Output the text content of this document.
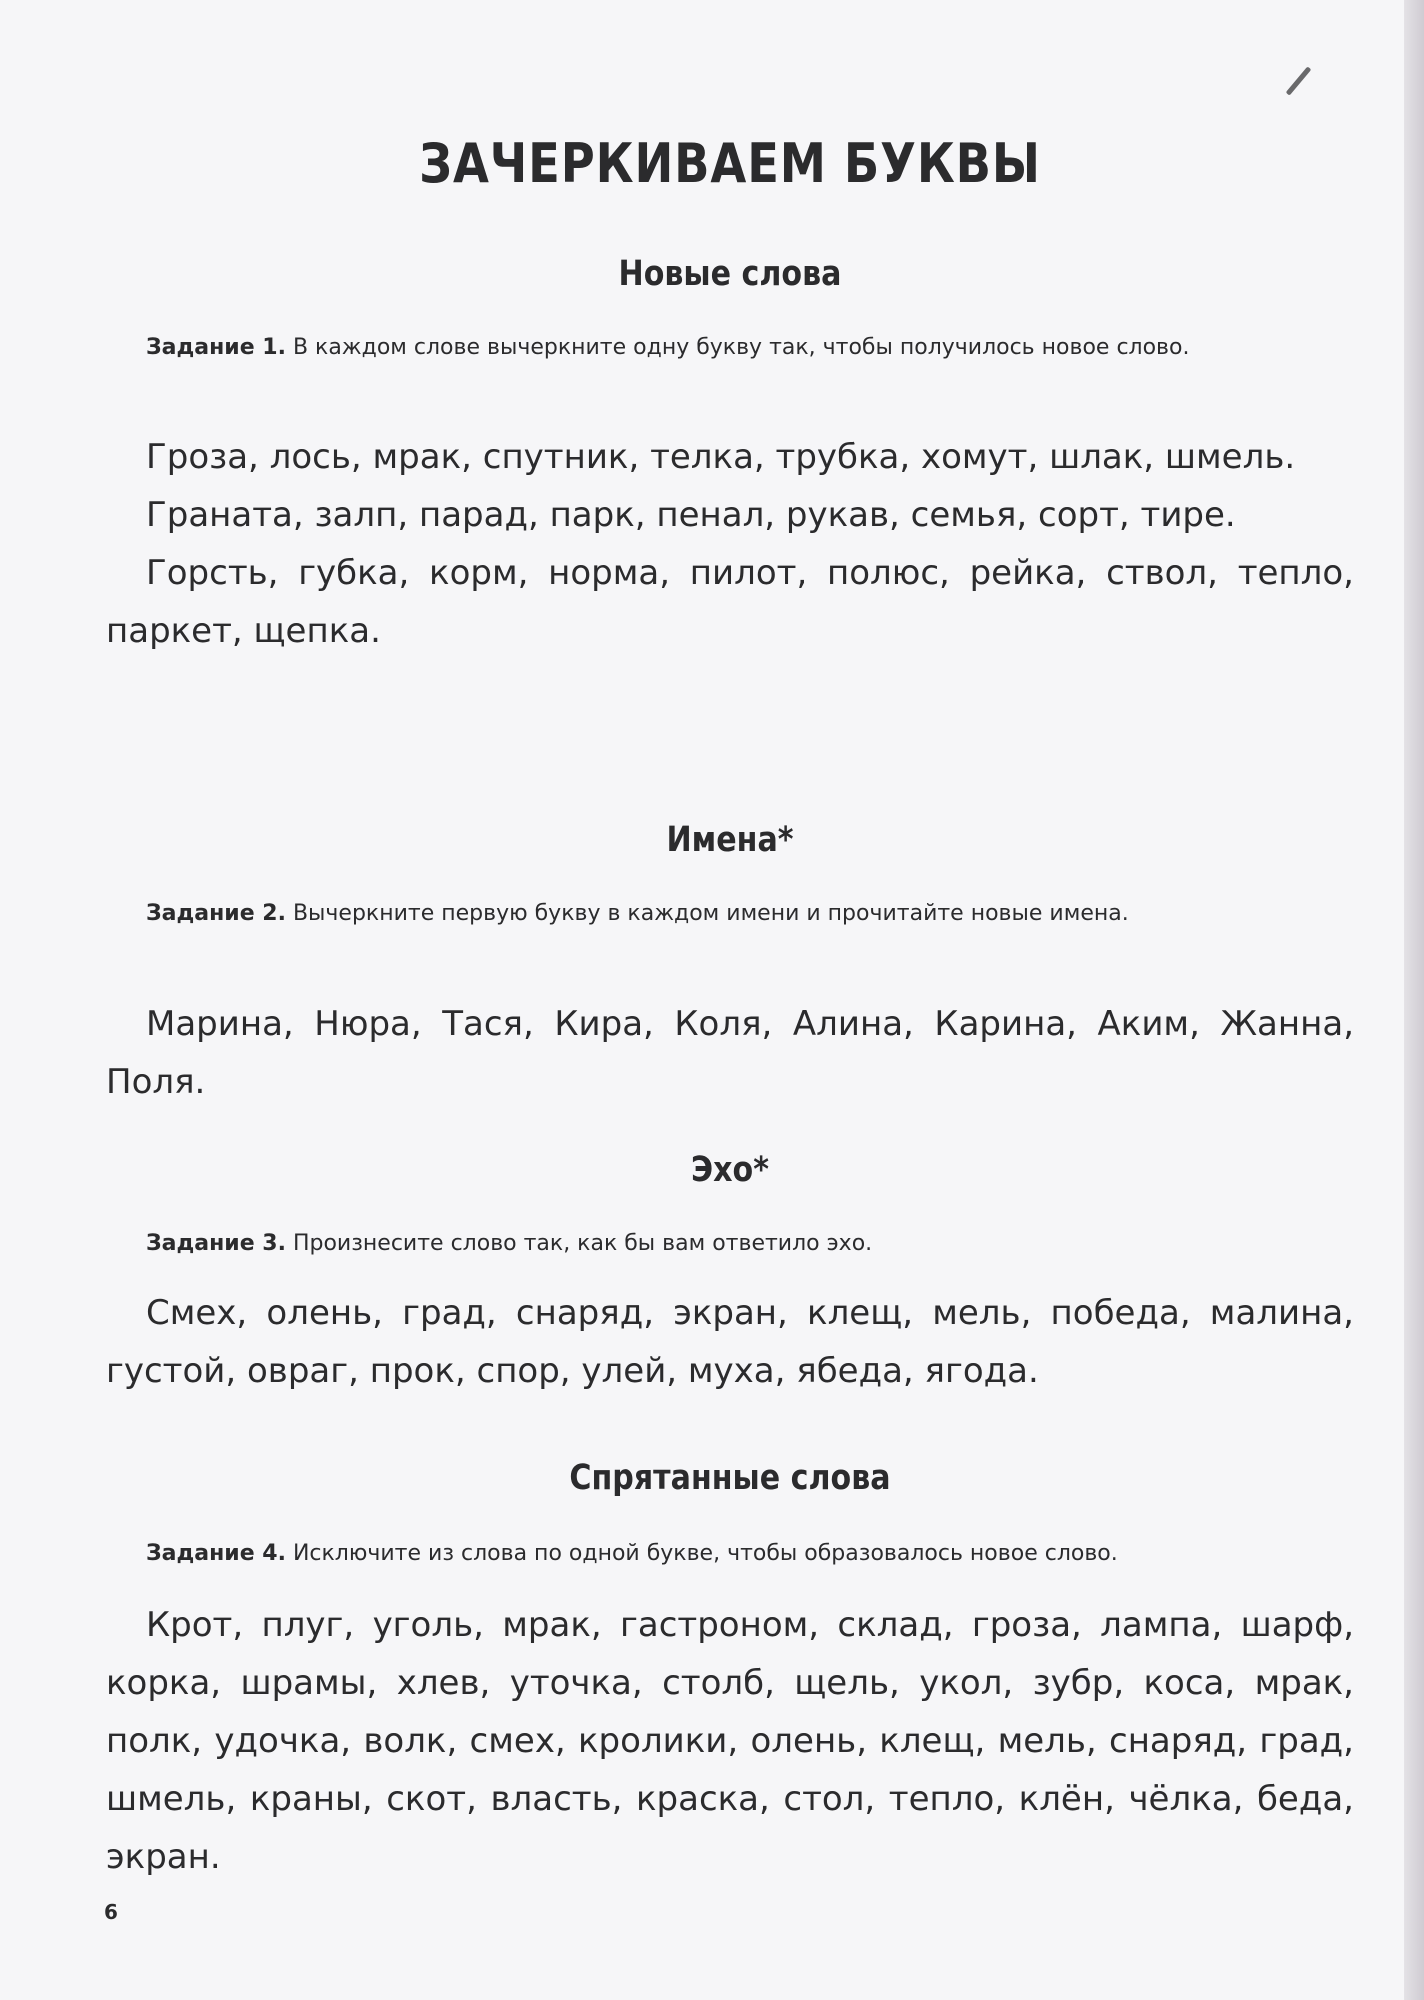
ЗАЧЕРКИВАЕМ БУКВЫ
Новые слова
Задание 1. В каждом слове вычеркните одну букву так, чтобы получилось новое слово.
Гроза, лось, мрак, спутник, телка, трубка, хомут, шлак, шмель.
Граната, залп, парад, парк, пенал, рукав, семья, сорт, тире.
Горсть, губка, корм, норма, пилот, полюс, рейка, ствол, тепло, паркет, щепка.
Имена*
Задание 2. Вычеркните первую букву в каждом имени и прочитайте новые имена.
Марина, Нюра, Тася, Кира, Коля, Алина, Карина, Аким, Жанна, Поля.
Эхо*
Задание 3. Произнесите слово так, как бы вам ответило эхо.
Смех, олень, град, снаряд, экран, клещ, мель, победа, малина, густой, овраг, прок, спор, улей, муха, ябеда, ягода.
Спрятанные слова
Задание 4. Исключите из слова по одной букве, чтобы образовалось новое слово.
Крот, плуг, уголь, мрак, гастроном, склад, гроза, лампа, шарф, корка, шрамы, хлев, уточка, столб, щель, укол, зубр, коса, мрак, полк, удочка, волк, смех, кролики, олень, клещ, мель, снаряд, град, шмель, краны, скот, власть, краска, стол, тепло, клён, чёлка, беда, экран.
6
